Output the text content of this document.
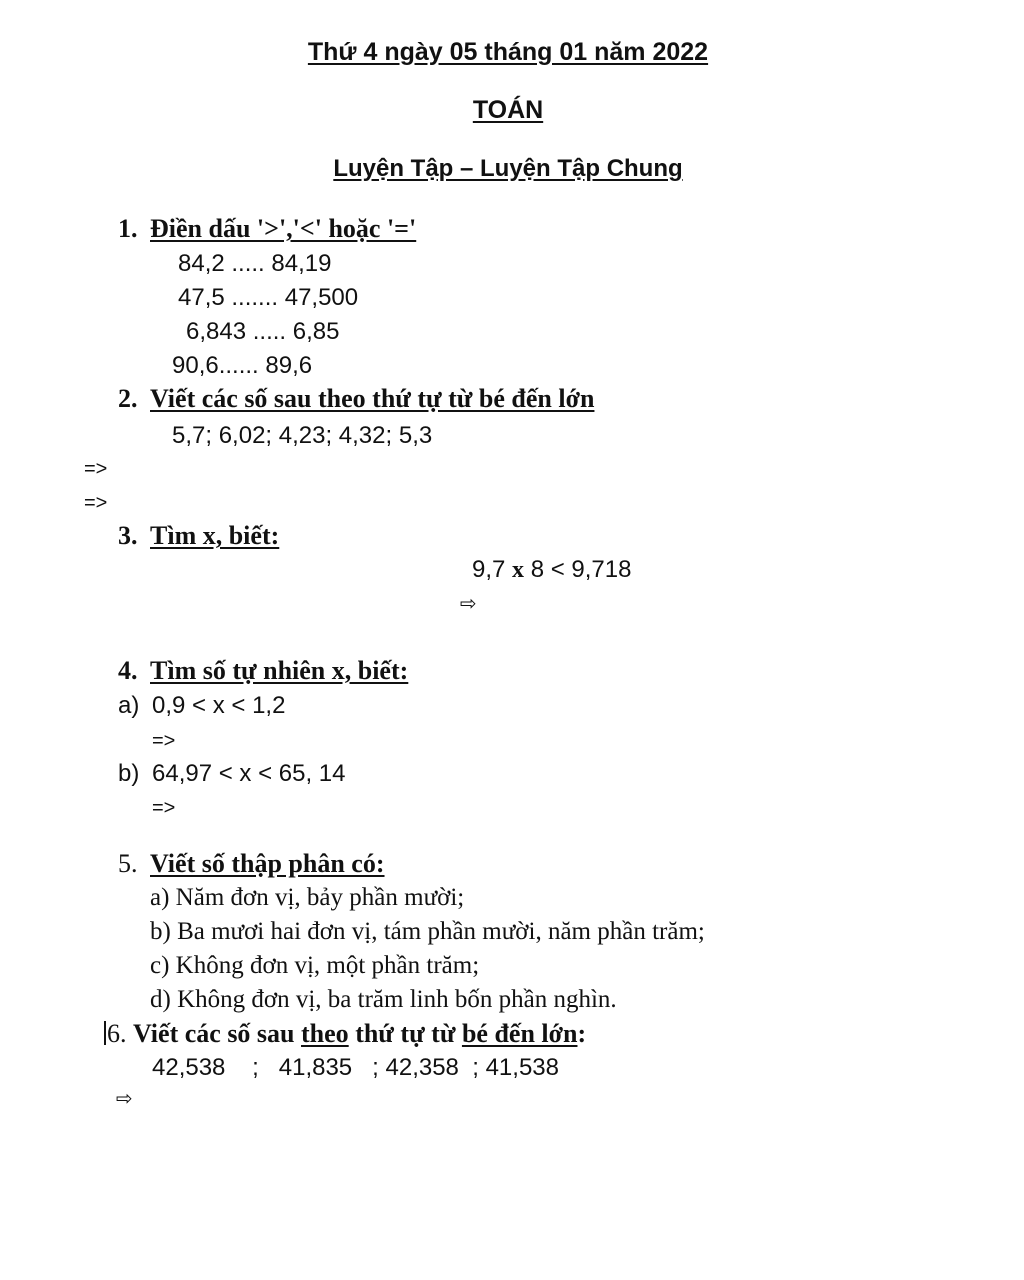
Thứ 4 ngày 05 tháng 01 năm 2022
TOÁN
Luyện Tập – Luyện Tập Chung
1. Điền dấu '>','<' hoặc '='
84,2 ..... 84,19
47,5 ....... 47,500
6,843 ..... 6,85
90,6...... 89,6
2. Viết các số sau theo thứ tự từ bé đến lớn
5,7; 6,02; 4,23; 4,32; 5,3
=>
=>
3. Tìm x, biết:
9,7 x 8 < 9,718
⇨
4. Tìm số tự nhiên x, biết:
a) 0,9 < x < 1,2
=>
b) 64,97 < x < 65, 14
=>
5. Viết số thập phân có:
a) Năm đơn vị, bảy phần mười;
b) Ba mươi hai đơn vị, tám phần mười, năm phần trăm;
c) Không đơn vị, một phần trăm;
d) Không đơn vị, ba trăm linh bốn phần nghìn.
6. Viết các số sau theo thứ tự từ bé đến lớn:
42,538    ;   41,835   ; 42,358  ; 41,538
⇨
